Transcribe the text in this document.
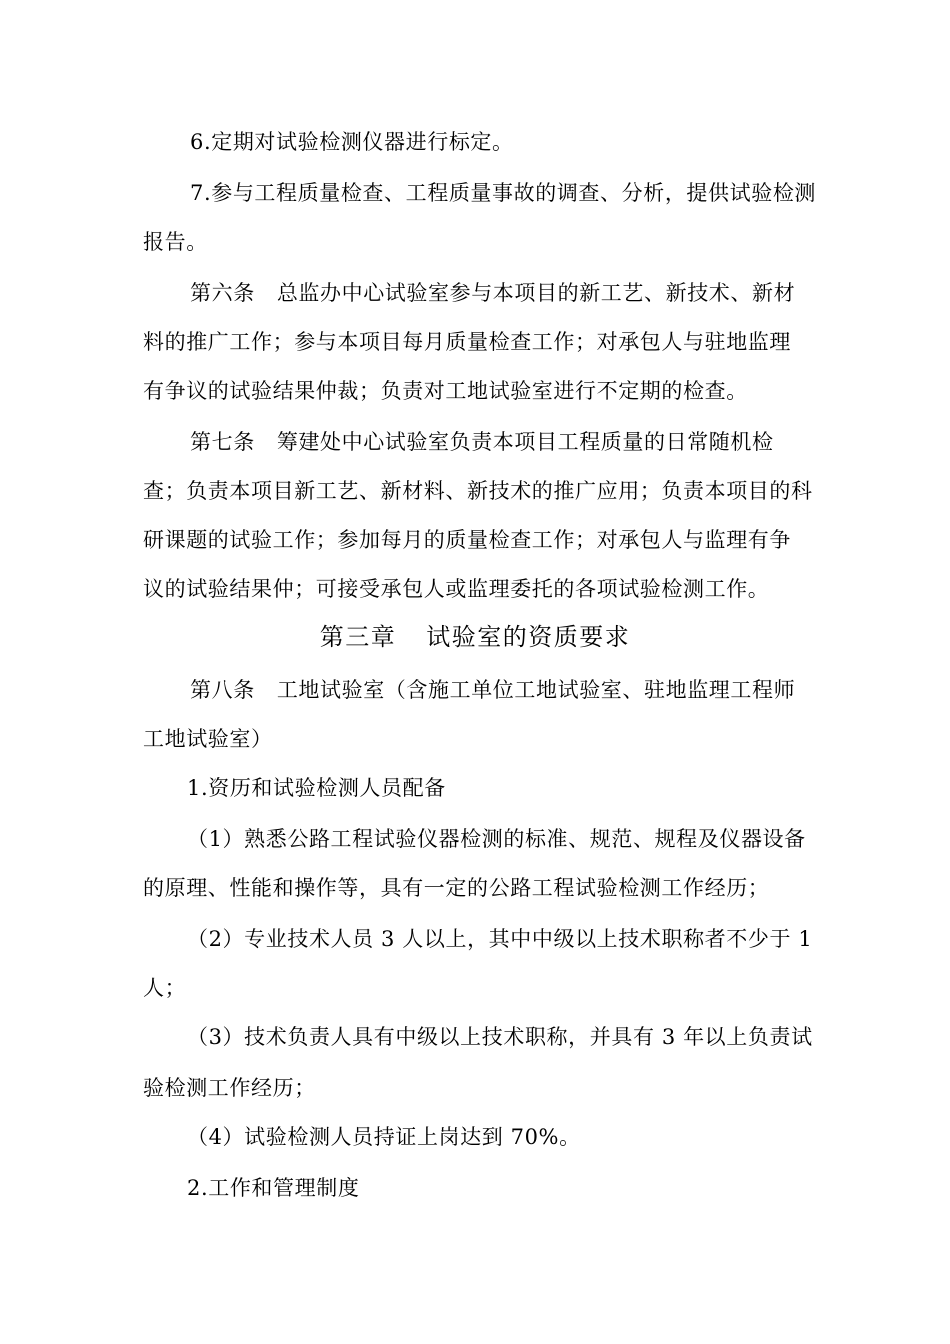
6.定期对试验检测仪器进行标定。
7.参与工程质量检查、工程质量事故的调查、分析，提供试验检测
报告。
第六条 总监办中心试验室参与本项目的新工艺、新技术、新材
料的推广工作；参与本项目每月质量检查工作；对承包人与驻地监理
有争议的试验结果仲裁；负责对工地试验室进行不定期的检查。
第七条 筹建处中心试验室负责本项目工程质量的日常随机检
查；负责本项目新工艺、新材料、新技术的推广应用；负责本项目的科
研课题的试验工作；参加每月的质量检查工作；对承包人与监理有争
议的试验结果仲；可接受承包人或监理委托的各项试验检测工作。
第三章 试验室的资质要求
第八条 工地试验室（含施工单位工地试验室、驻地监理工程师
工地试验室）
1.资历和试验检测人员配备
（1）熟悉公路工程试验仪器检测的标准、规范、规程及仪器设备
的原理、性能和操作等，具有一定的公路工程试验检测工作经历；
（2）专业技术人员 3 人以上，其中中级以上技术职称者不少于 1
人；
（3）技术负责人具有中级以上技术职称，并具有 3 年以上负责试
验检测工作经历；
（4）试验检测人员持证上岗达到 70%。
2.工作和管理制度
